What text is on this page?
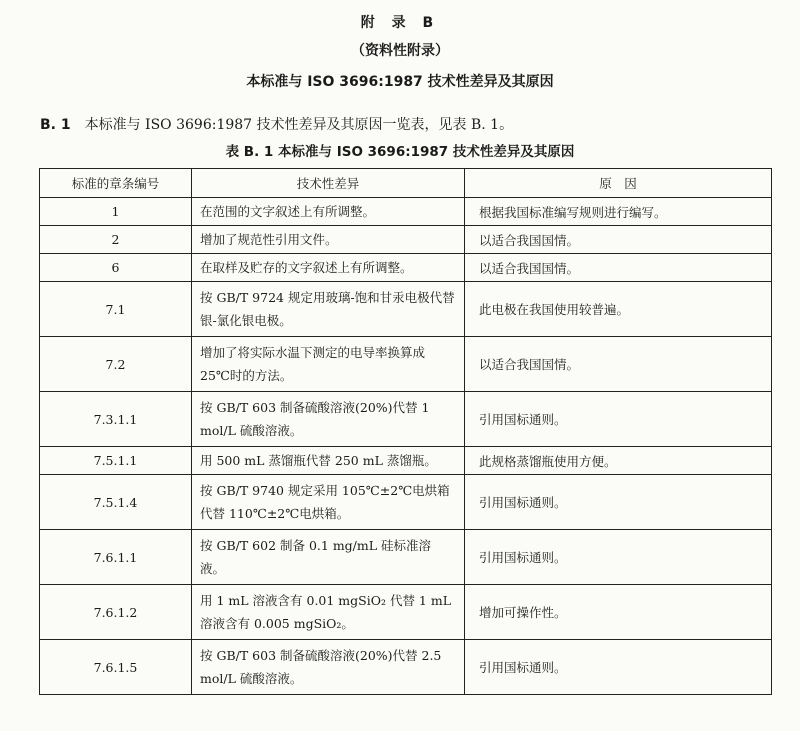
附 录 B
（资料性附录）
本标准与 ISO 3696:1987 技术性差异及其原因
B. 1 本标准与 ISO 3696:1987 技术性差异及其原因一览表，见表 B. 1。
表 B. 1 本标准与 ISO 3696:1987 技术性差异及其原因
标准的章条编号	技术性差异	原　因
1	在范围的文字叙述上有所调整。	根据我国标准编写规则进行编写。
2	增加了规范性引用文件。	以适合我国国情。
6	在取样及贮存的文字叙述上有所调整。	以适合我国国情。
7.1	按 GB/T 9724 规定用玻璃-饱和甘汞电极代替银-氯化银电极。	此电极在我国使用较普遍。
7.2	增加了将实际水温下测定的电导率换算成 25℃时的方法。	以适合我国国情。
7.3.1.1	按 GB/T 603 制备硫酸溶液(20%)代替 1 mol/L 硫酸溶液。	引用国标通则。
7.5.1.1	用 500 mL 蒸馏瓶代替 250 mL 蒸馏瓶。	此规格蒸馏瓶使用方便。
7.5.1.4	按 GB/T 9740 规定采用 105℃±2℃电烘箱代替 110℃±2℃电烘箱。	引用国标通则。
7.6.1.1	按 GB/T 602 制备 0.1 mg/mL 硅标准溶液。	引用国标通则。
7.6.1.2	用 1 mL 溶液含有 0.01 mgSiO₂ 代替 1 mL 溶液含有 0.005 mgSiO₂。	增加可操作性。
7.6.1.5	按 GB/T 603 制备硫酸溶液(20%)代替 2.5 mol/L 硫酸溶液。	引用国标通则。
